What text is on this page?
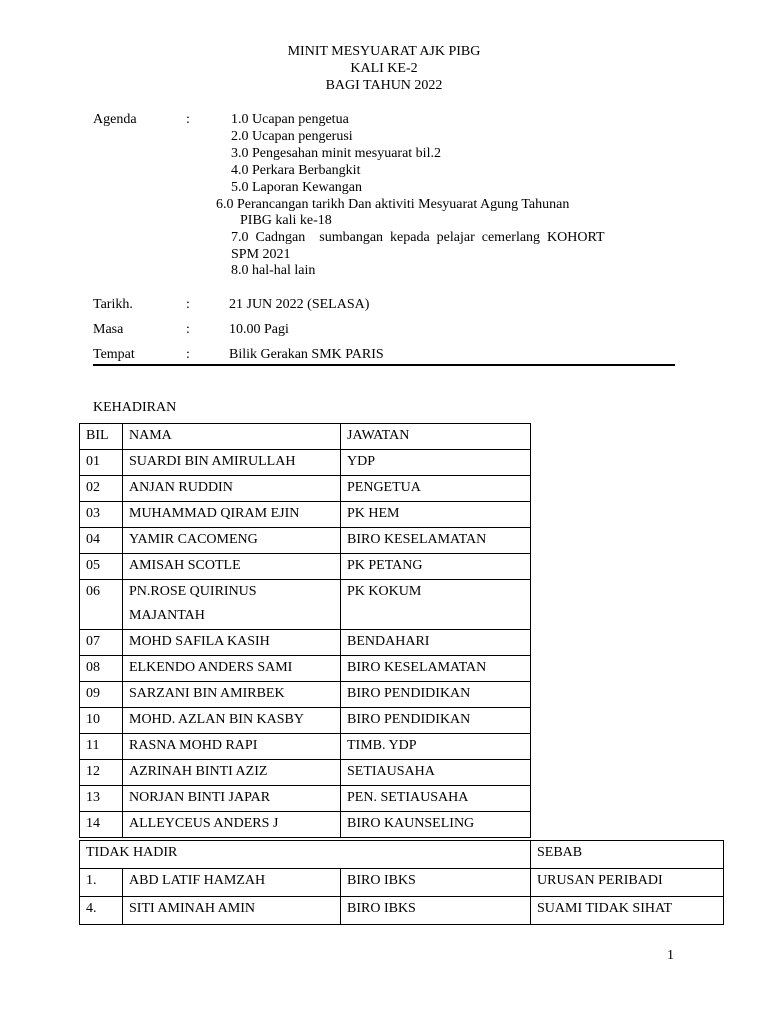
MINIT MESYUARAT AJK PIBG
KALI KE-2
BAGI TAHUN 2022
Agenda	:	1.0 Ucapan pengetua
2.0 Ucapan pengerusi
3.0 Pengesahan minit mesyuarat bil.2
4.0 Perkara Berbangkit
5.0 Laporan Kewangan
6.0 Perancangan tarikh Dan aktiviti Mesyuarat Agung Tahunan
PIBG kali ke-18
7.0  Cadngan    sumbangan  kepada  pelajar  cemerlang  KOHORT
SPM 2021
8.0 hal-hal lain
Tarikh.	:	21 JUN 2022 (SELASA)
Masa	:	10.00 Pagi
Tempat	:	Bilik Gerakan SMK PARIS
KEHADIRAN
BIL	NAMA	JAWATAN
01	SUARDI BIN AMIRULLAH	YDP
02	ANJAN RUDDIN	PENGETUA
03	MUHAMMAD QIRAM EJIN	PK HEM
04	YAMIR CACOMENG	BIRO KESELAMATAN
05	AMISAH SCOTLE	PK PETANG
06	PN.ROSE QUIRINUS
MAJANTAH	PK KOKUM
07	MOHD SAFILA KASIH	BENDAHARI
08	ELKENDO ANDERS SAMI	BIRO KESELAMATAN
09	SARZANI BIN AMIRBEK	BIRO PENDIDIKAN
10	MOHD. AZLAN BIN KASBY	BIRO PENDIDIKAN
11	RASNA MOHD RAPI	TIMB. YDP
12	AZRINAH BINTI AZIZ	SETIAUSAHA
13	NORJAN BINTI JAPAR	PEN. SETIAUSAHA
14	ALLEYCEUS ANDERS J	BIRO KAUNSELING
TIDAK HADIR			SEBAB
1.	ABD LATIF HAMZAH	BIRO IBKS	URUSAN PERIBADI
4.	SITI AMINAH AMIN	BIRO IBKS	SUAMI TIDAK SIHAT
1
